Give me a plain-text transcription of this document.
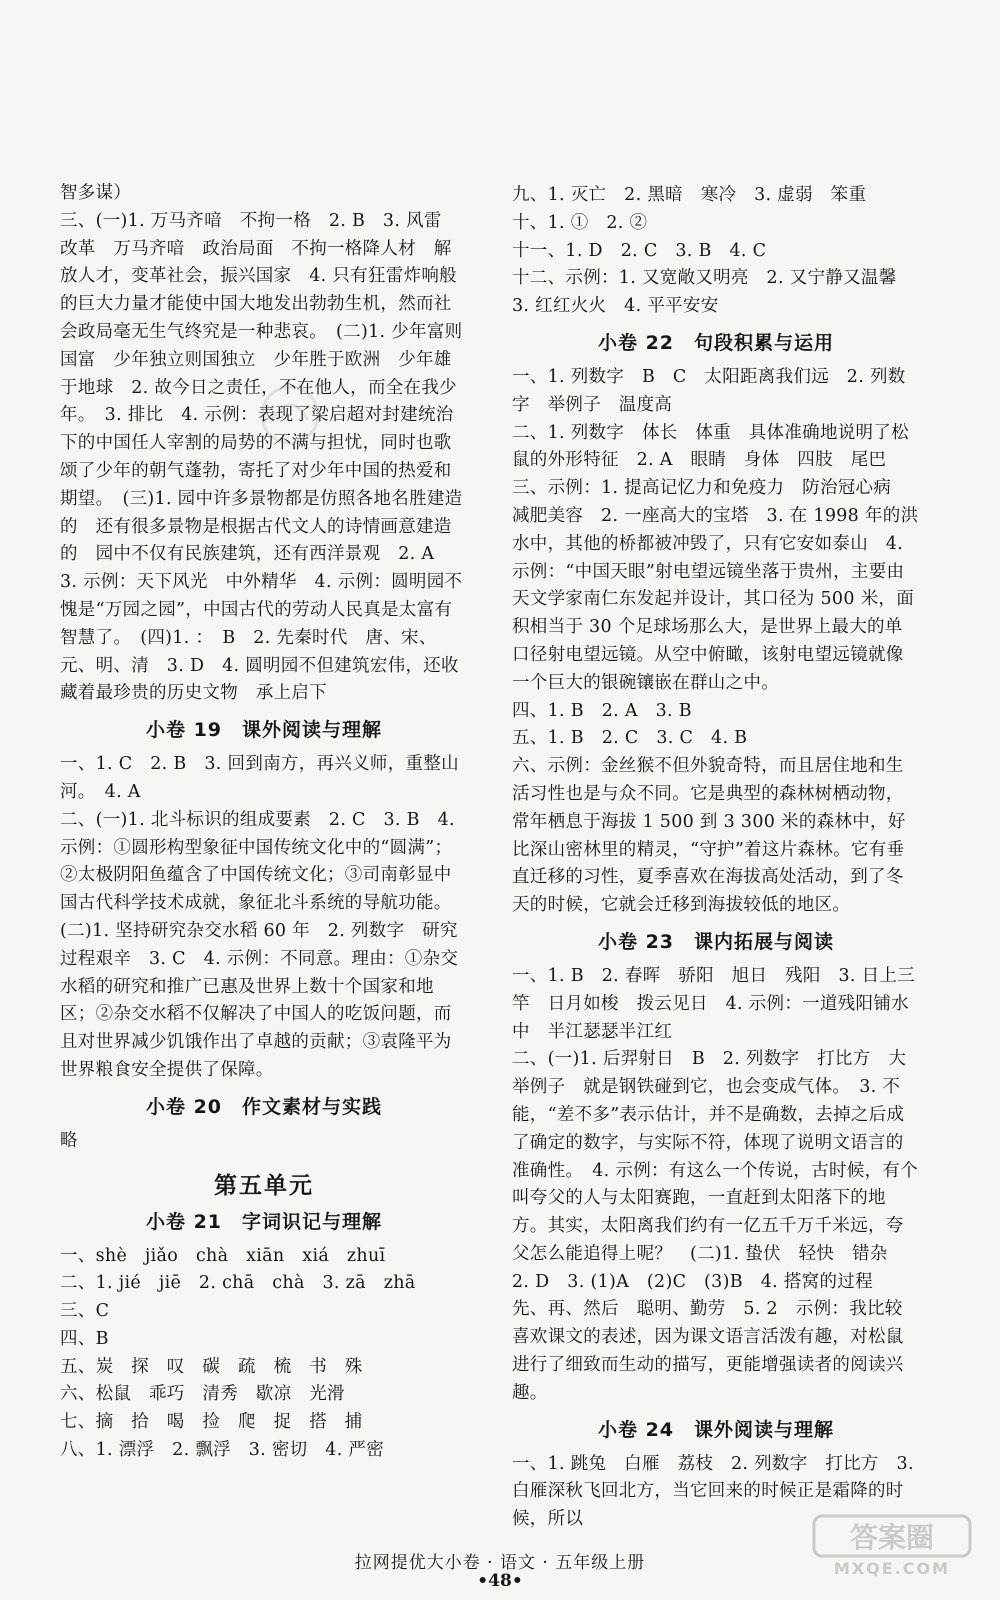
智多谋）

三、(一)1. 万马齐喑　不拘一格　2. B　3. 风雷　改革　万马齐喑　政治局面　不拘一格降人材　解放人才，变革社会，振兴国家　4. 只有狂雷炸响般的巨大力量才能使中国大地发出勃勃生机，然而社会政局毫无生气终究是一种悲哀。　(二)1. 少年富则国富　少年独立则国独立　少年胜于欧洲　少年雄于地球　2. 故今日之责任，不在他人，而全在我少年。　3. 排比　4. 示例：表现了梁启超对封建统治下的中国任人宰割的局势的不满与担忧，同时也歌颂了少年的朝气蓬勃，寄托了对少年中国的热爱和期望。　(三)1. 园中许多景物都是仿照各地名胜建造的　还有很多景物是根据古代文人的诗情画意建造的　园中不仅有民族建筑，还有西洋景观　2. A　3. 示例：天下风光　中外精华　4. 示例：圆明园不愧是“万园之园”，中国古代的劳动人民真是太富有智慧了。　(四)1. ：　B　2. 先秦时代　唐、宋、元、明、清　3. D　4. 圆明园不但建筑宏伟，还收藏着最珍贵的历史文物　承上启下

小卷 19　课外阅读与理解

一、1. C　2. B　3. 回到南方，再兴义师，重整山河。　4. A

二、(一)1. 北斗标识的组成要素　2. C　3. B　4. 示例：①圆形构型象征中国传统文化中的“圆满”；②太极阴阳鱼蕴含了中国传统文化；③司南彰显中国古代科学技术成就，象征北斗系统的导航功能。　(二)1. 坚持研究杂交水稻 60 年　2. 列数字　研究过程艰辛　3. C　4. 示例：不同意。理由：①杂交水稻的研究和推广已惠及世界上数十个国家和地区；②杂交水稻不仅解决了中国人的吃饭问题，而且对世界减少饥饿作出了卓越的贡献；③袁隆平为世界粮食安全提供了保障。

小卷 20　作文素材与实践

略

第五单元
小卷 21　字词识记与理解

一、shè　jiǎo　chà　xiān　xiá　zhuī

二、1. jié　jiē　2. chā　chà　3. zā　zhā

三、C

四、B

五、炭　探　叹　碳　疏　梳　书　殊

六、松鼠　乖巧　清秀　歇凉　光滑

七、摘　拾　喝　捡　爬　捉　搭　捕

八、1. 漂浮　2. 飘浮　3. 密切　4. 严密

九、1. 灭亡　2. 黑暗　寒冷　3. 虚弱　笨重

十、1. ①　2. ②

十一、1. D　2. C　3. B　4. C

十二、示例：1. 又宽敞又明亮　2. 又宁静又温馨　3. 红红火火　4. 平平安安

小卷 22　句段积累与运用

一、1. 列数字　B　C　太阳距离我们远　2. 列数字　举例子　温度高

二、1. 列数字　体长　体重　具体准确地说明了松鼠的外形特征　2. A　眼睛　身体　四肢　尾巴

三、示例：1. 提高记忆力和免疫力　防治冠心病　减肥美容　2. 一座高大的宝塔　3. 在 1998 年的洪水中，其他的桥都被冲毁了，只有它安如泰山　4. 示例：“中国天眼”射电望远镜坐落于贵州，主要由天文学家南仁东发起并设计，其口径为 500 米，面积相当于 30 个足球场那么大，是世界上最大的单口径射电望远镜。从空中俯瞰，该射电望远镜就像一个巨大的银碗镶嵌在群山之中。

四、1. B　2. A　3. B

五、1. B　2. C　3. C　4. B

六、示例：金丝猴不但外貌奇特，而且居住地和生活习性也是与众不同。它是典型的森林树栖动物，常年栖息于海拔 1 500 到 3 300 米的森林中，好比深山密林里的精灵，“守护”着这片森林。它有垂直迁移的习性，夏季喜欢在海拔高处活动，到了冬天的时候，它就会迁移到海拔较低的地区。

小卷 23　课内拓展与阅读

一、1. B　2. 春晖　骄阳　旭日　残阳　3. 日上三竿　日月如梭　拨云见日　4. 示例：一道残阳铺水中　半江瑟瑟半江红

二、(一)1. 后羿射日　B　2. 列数字　打比方　大　举例子　就是钢铁碰到它，也会变成气体。　3. 不能，“差不多”表示估计，并不是确数，去掉之后成了确定的数字，与实际不符，体现了说明文语言的准确性。　4. 示例：有这么一个传说，古时候，有个叫夸父的人与太阳赛跑，一直赶到太阳落下的地方。其实，太阳离我们约有一亿五千万千米远，夸父怎么能追得上呢？　(二)1. 蛰伏　轻快　错杂　2. D　3. (1)A　(2)C　(3)B　4. 搭窝的过程　先、再、然后　聪明、勤劳　5. 2　示例：我比较喜欢课文的表述，因为课文语言活泼有趣，对松鼠进行了细致而生动的描写，更能增强读者的阅读兴趣。

小卷 24　课外阅读与理解

一、1. 跳兔　白雁　荔枝　2. 列数字　打比方　3. 白雁深秋飞回北方，当它回来的时候正是霜降的时候，所以

拉网提优大小卷 · 语文 · 五年级上册
•48•
答案圈
MXQE.COM
